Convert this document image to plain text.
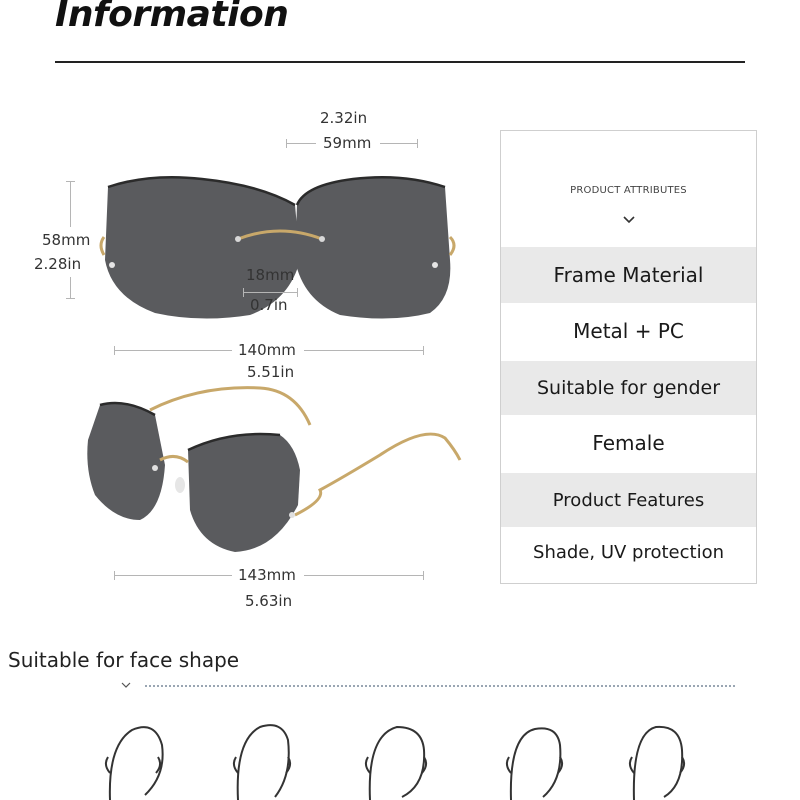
Information
2.32in
59mm
58mm
2.28in
18mm
0.7in
140mm
5.51in
143mm
5.63in
PRODUCT ATTRIBUTES
Frame Material
Metal + PC
Suitable for gender
Female
Product Features
Shade, UV protection
Suitable for face shape
